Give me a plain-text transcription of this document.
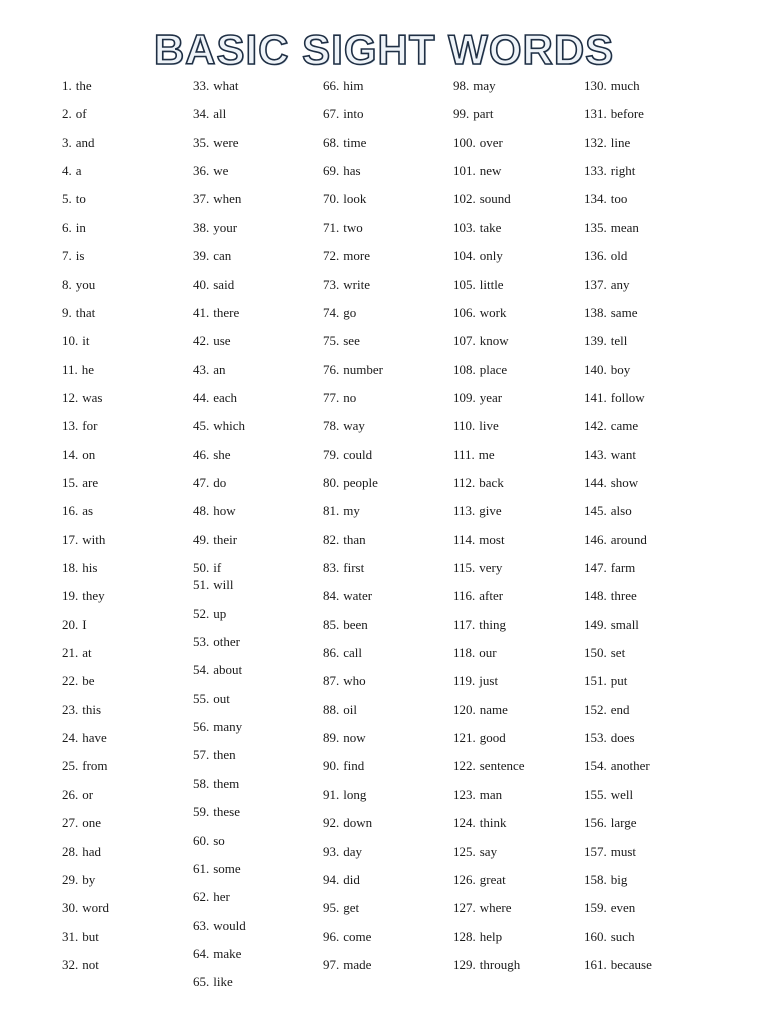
BASIC SIGHT WORDS
1. the
2. of
3. and
4. a
5. to
6. in
7. is
8. you
9. that
10. it
11. he
12. was
13. for
14. on
15. are
16. as
17. with
18. his
19. they
20. I
21. at
22. be
23. this
24. have
25. from
26. or
27. one
28. had
29. by
30. word
31. but
32. not
33. what
34. all
35. were
36. we
37. when
38. your
39. can
40. said
41. there
42. use
43. an
44. each
45. which
46. she
47. do
48. how
49. their
50. if
51. will
52. up
53. other
54. about
55. out
56. many
57. then
58. them
59. these
60. so
61. some
62. her
63. would
64. make
65. like
66. him
67. into
68. time
69. has
70. look
71. two
72. more
73. write
74. go
75. see
76. number
77. no
78. way
79. could
80. people
81. my
82. than
83. first
84. water
85. been
86. call
87. who
88. oil
89. now
90. find
91. long
92. down
93. day
94. did
95. get
96. come
97. made
98. may
99. part
100. over
101. new
102. sound
103. take
104. only
105. little
106. work
107. know
108. place
109. year
110. live
111. me
112. back
113. give
114. most
115. very
116. after
117. thing
118. our
119. just
120. name
121. good
122. sentence
123. man
124. think
125. say
126. great
127. where
128. help
129. through
130. much
131. before
132. line
133. right
134. too
135. mean
136. old
137. any
138. same
139. tell
140. boy
141. follow
142. came
143. want
144. show
145. also
146. around
147. farm
148. three
149. small
150. set
151. put
152. end
153. does
154. another
155. well
156. large
157. must
158. big
159. even
160. such
161. because
